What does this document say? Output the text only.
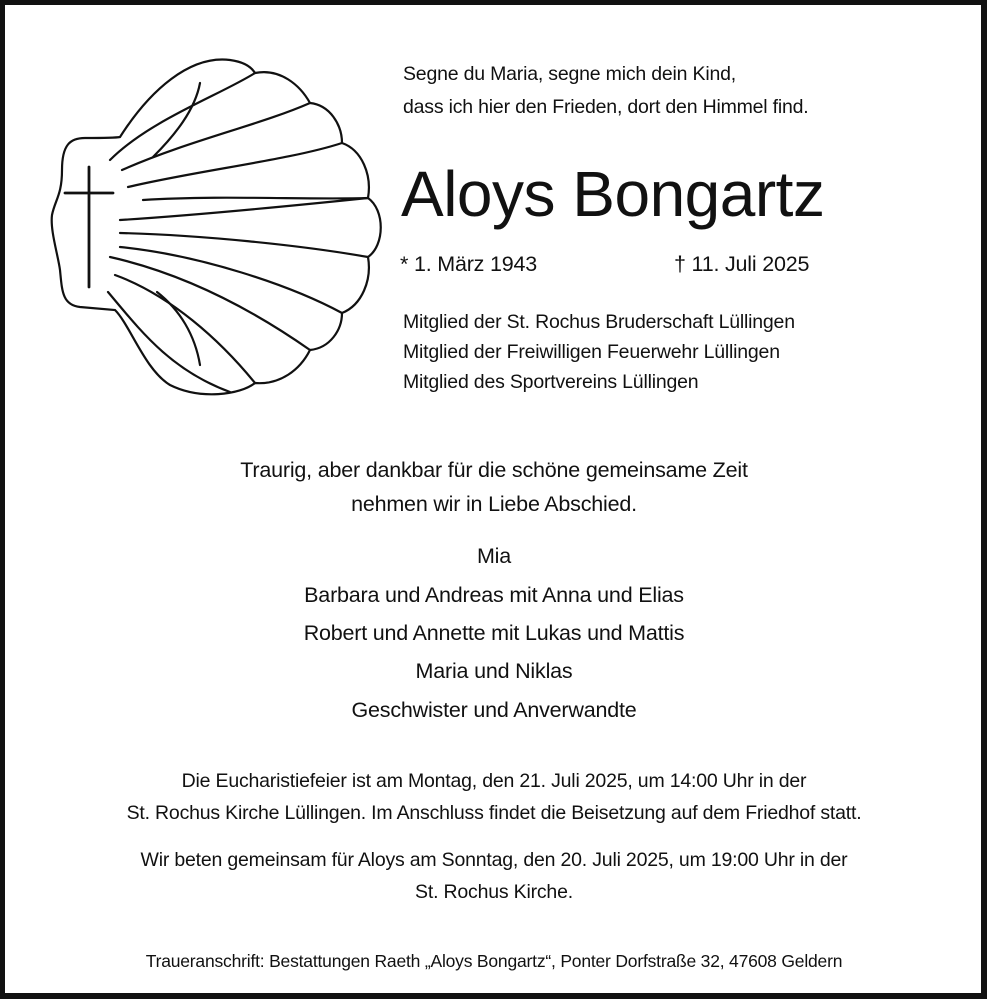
Segne du Maria, segne mich dein Kind,
dass ich hier den Frieden, dort den Himmel find.
Aloys Bongartz
* 1. März 1943	† 11. Juli 2025
Mitglied der St. Rochus Bruderschaft Lüllingen
Mitglied der Freiwilligen Feuerwehr Lüllingen
Mitglied des Sportvereins Lüllingen
Traurig, aber dankbar für die schöne gemeinsame Zeit
nehmen wir in Liebe Abschied.
Mia
Barbara und Andreas mit Anna und Elias
Robert und Annette mit Lukas und Mattis
Maria und Niklas
Geschwister und Anverwandte
Die Eucharistiefeier ist am Montag, den 21. Juli 2025, um 14:00 Uhr in der
St. Rochus Kirche Lüllingen. Im Anschluss findet die Beisetzung auf dem Friedhof statt.
Wir beten gemeinsam für Aloys am Sonntag, den 20. Juli 2025, um 19:00 Uhr in der
St. Rochus Kirche.
Traueranschrift: Bestattungen Raeth „Aloys Bongartz“, Ponter Dorfstraße 32, 47608 Geldern
